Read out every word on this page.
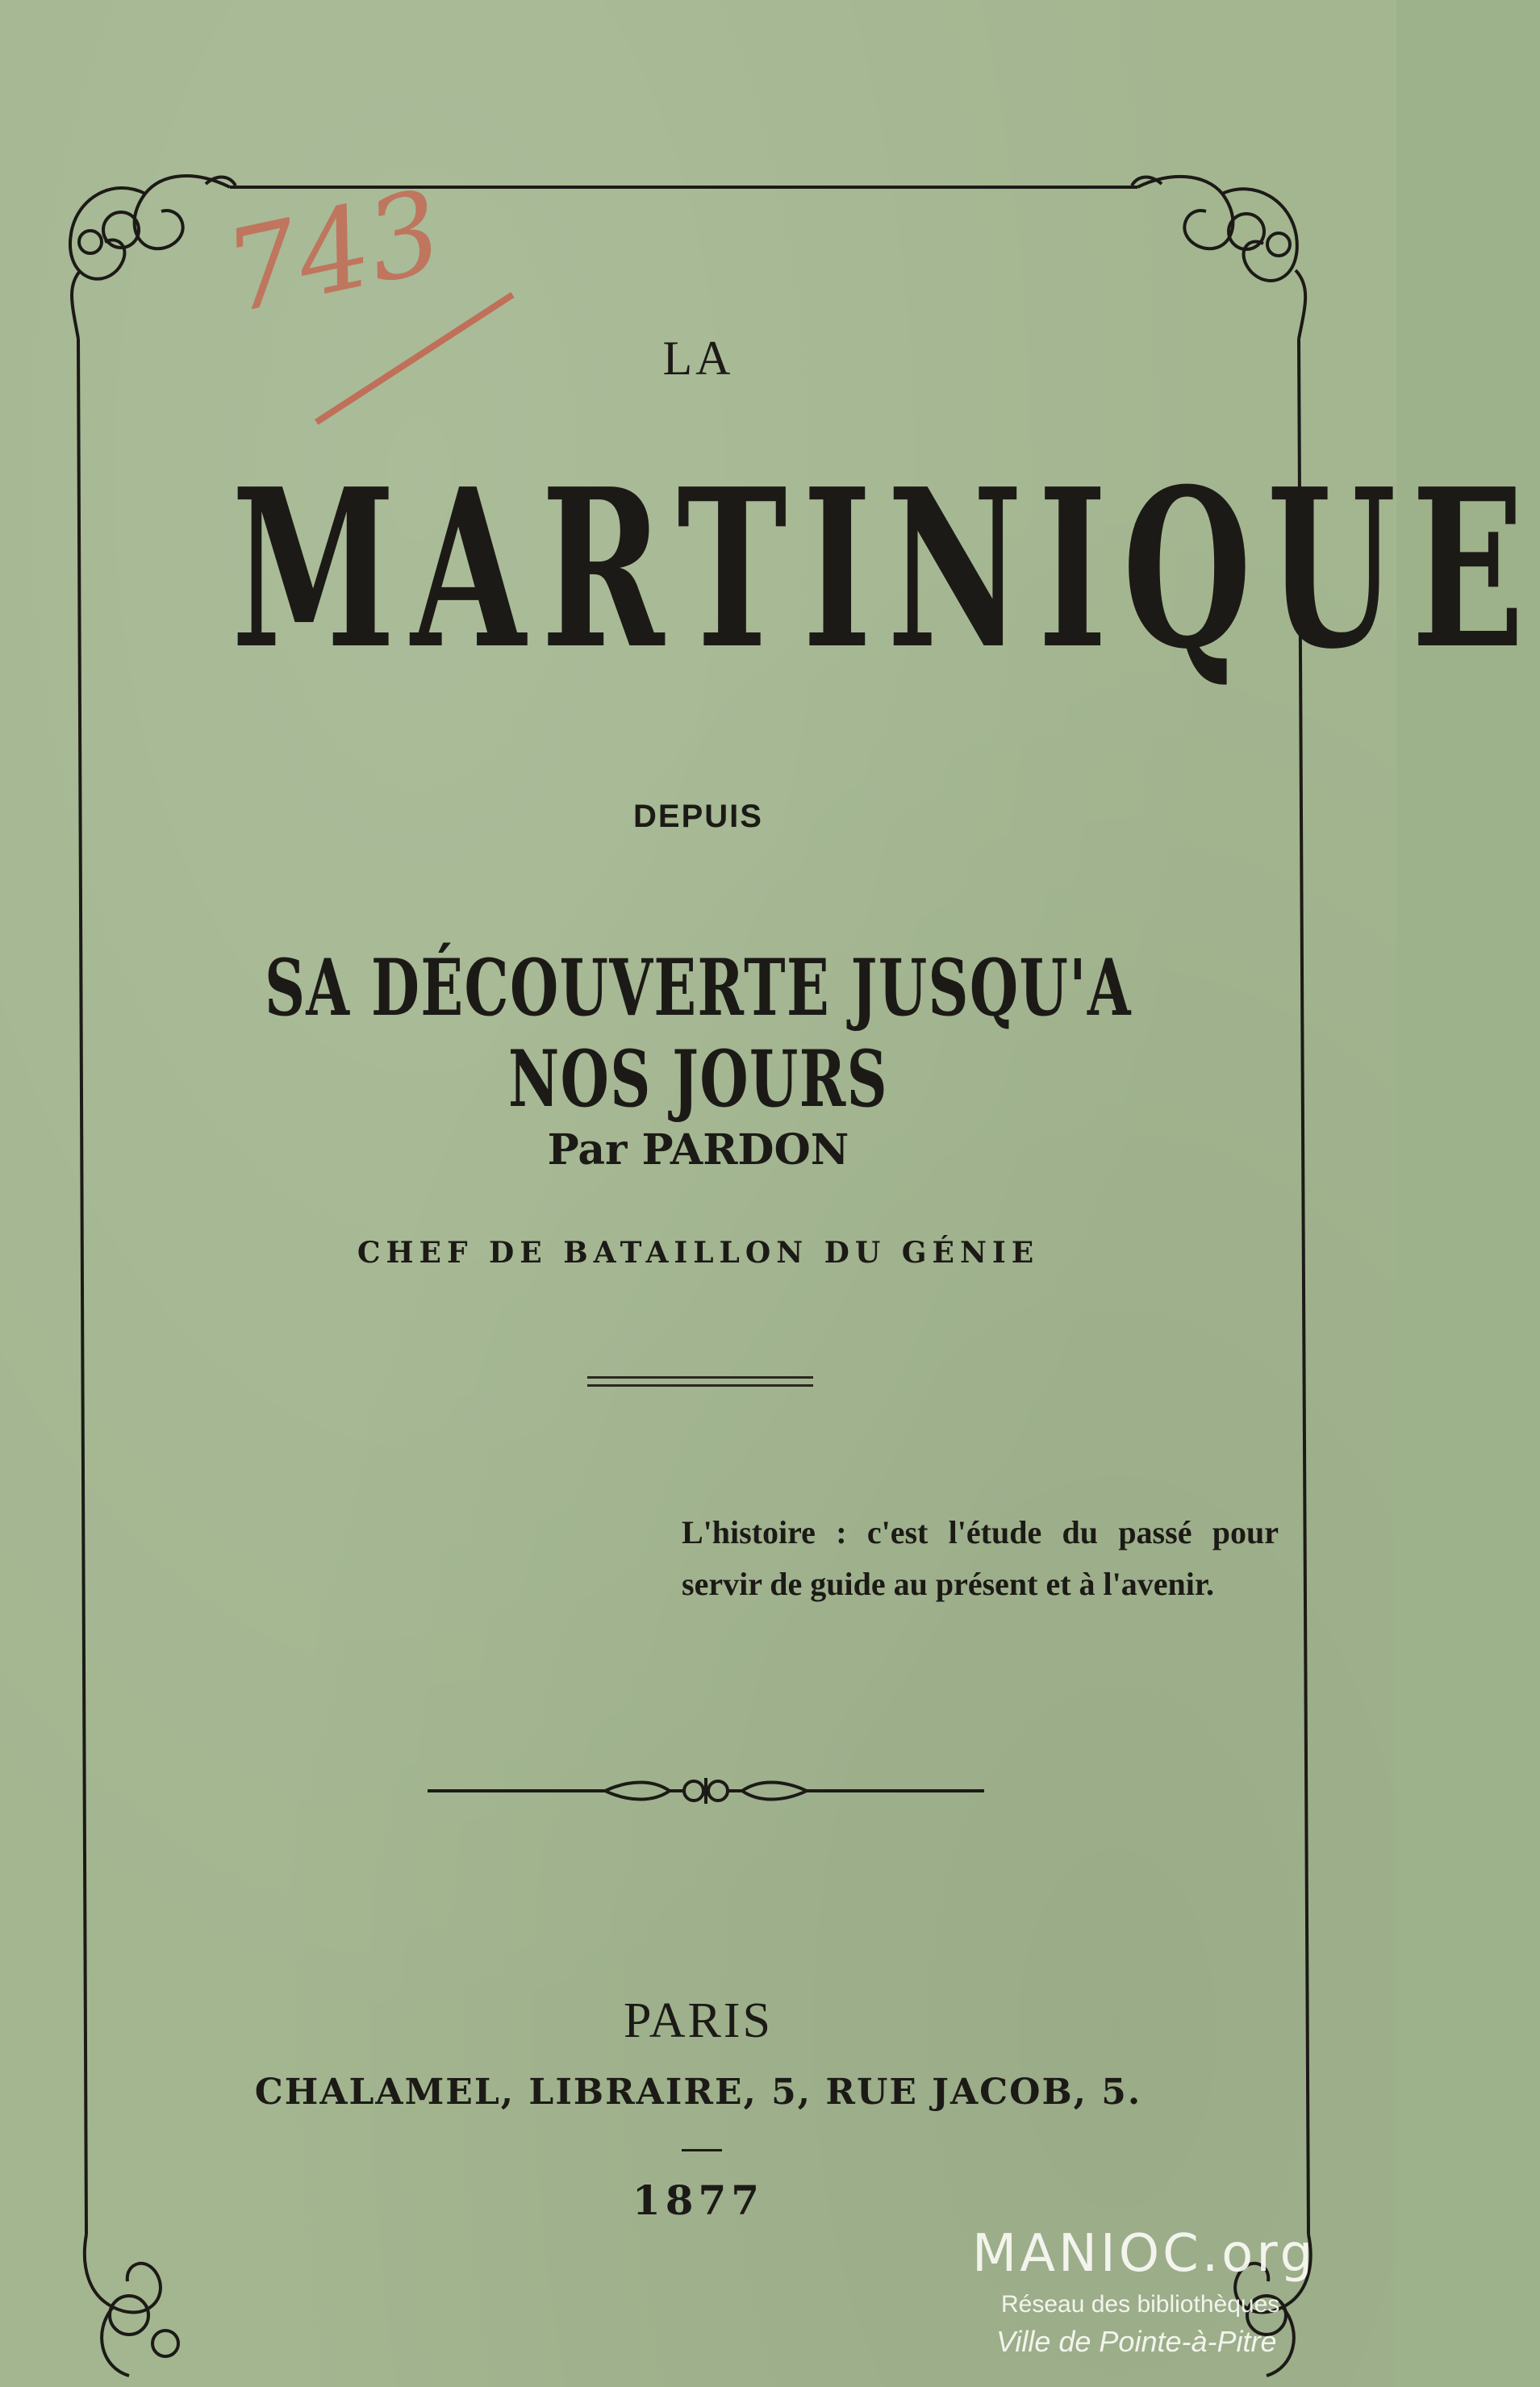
743
LA
MARTINIQUE
DEPUIS
SA DÉCOUVERTE JUSQU'A NOS JOURS
Par PARDON
CHEF DE BATAILLON DU GÉNIE
L'histoire : c'est l'étude du passé pour servir de guide au présent et à l'avenir.
PARIS
CHALAMEL, LIBRAIRE, 5, RUE JACOB, 5.
1877
MANIOC.org
Réseau des bibliothèques
Ville de Pointe-à-Pitre
